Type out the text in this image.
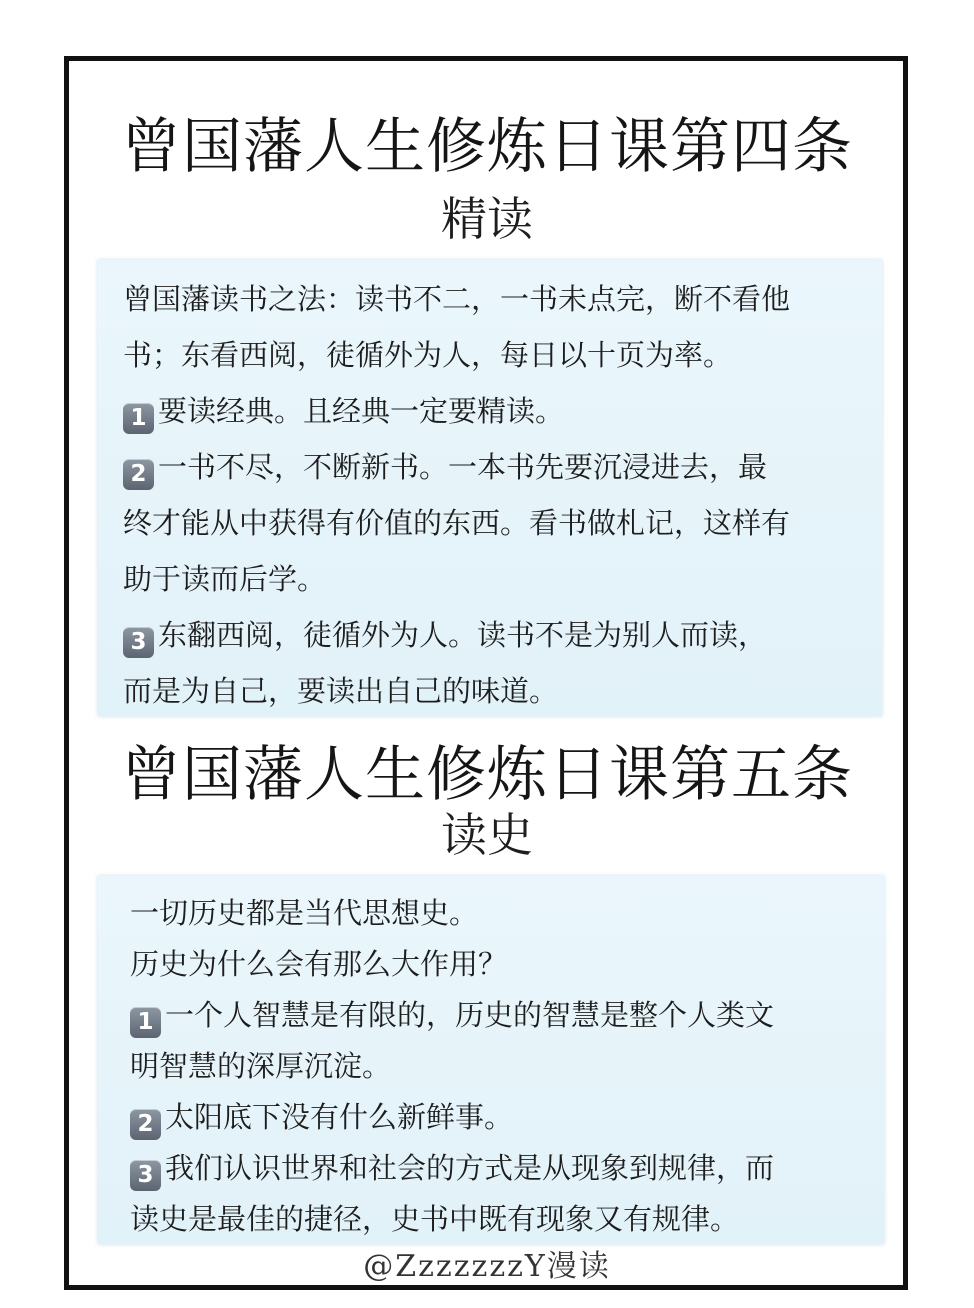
曾国藩人生修炼日课第四条
精读
曾国藩读书之法：读书不二，一书未点完，断不看他
书；东看西阅，徒循外为人，每日以十页为率。
1 要读经典。且经典一定要精读。
2 一书不尽，不断新书。一本书先要沉浸进去，最
终才能从中获得有价值的东西。看书做札记，这样有
助于读而后学。
3 东翻西阅，徒循外为人。读书不是为别人而读，
而是为自己，要读出自己的味道。
曾国藩人生修炼日课第五条
读史
一切历史都是当代思想史。
历史为什么会有那么大作用？
1 一个人智慧是有限的，历史的智慧是整个人类文
明智慧的深厚沉淀。
2 太阳底下没有什么新鲜事。
3 我们认识世界和社会的方式是从现象到规律，而
读史是最佳的捷径，史书中既有现象又有规律。
@ZzzzzzzY漫读
